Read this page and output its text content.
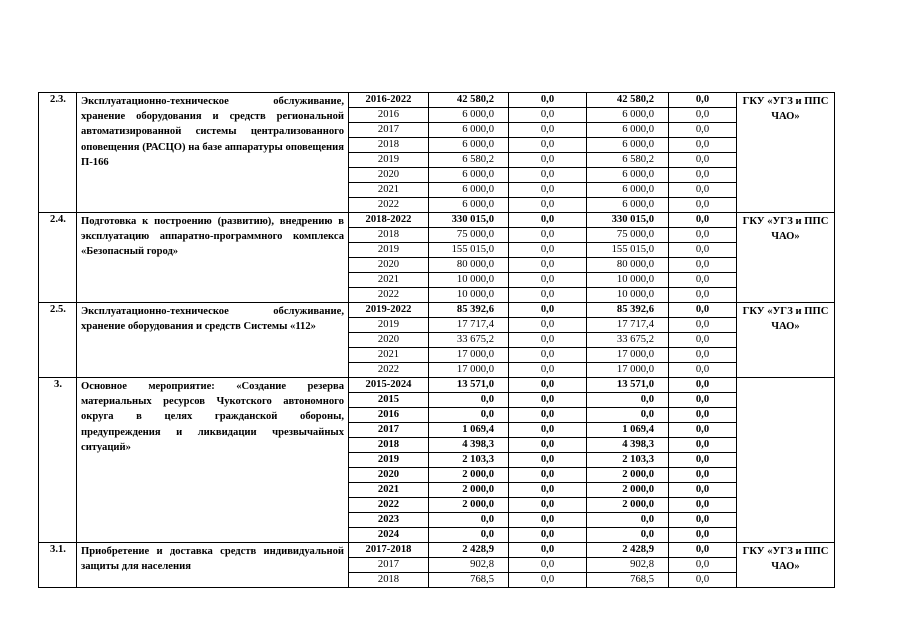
2.3.	Эксплуатационно-техническое обслуживание, хранение оборудования и средств региональной автоматизированной системы централизованного оповещения (РАСЦО) на базе аппаратуры оповещения П-166	2016-2022	42 580,2	0,0	42 580,2	0,0	ГКУ «УГЗ и ППС ЧАО»
		2016	6 000,0	0,0	6 000,0	0,0	
		2017	6 000,0	0,0	6 000,0	0,0	
		2018	6 000,0	0,0	6 000,0	0,0	
		2019	6 580,2	0,0	6 580,2	0,0	
		2020	6 000,0	0,0	6 000,0	0,0	
		2021	6 000,0	0,0	6 000,0	0,0	
		2022	6 000,0	0,0	6 000,0	0,0	
2.4.	Подготовка к построению (развитию), внедрению в эксплуатацию аппаратно-программного комплекса «Безопасный город»	2018-2022	330 015,0	0,0	330 015,0	0,0	ГКУ «УГЗ и ППС ЧАО»
		2018	75 000,0	0,0	75 000,0	0,0	
		2019	155 015,0	0,0	155 015,0	0,0	
		2020	80 000,0	0,0	80 000,0	0,0	
		2021	10 000,0	0,0	10 000,0	0,0	
		2022	10 000,0	0,0	10 000,0	0,0	
2.5.	Эксплуатационно-техническое обслуживание, хранение оборудования и средств Системы «112»	2019-2022	85 392,6	0,0	85 392,6	0,0	ГКУ «УГЗ и ППС ЧАО»
		2019	17 717,4	0,0	17 717,4	0,0	
		2020	33 675,2	0,0	33 675,2	0,0	
		2021	17 000,0	0,0	17 000,0	0,0	
		2022	17 000,0	0,0	17 000,0	0,0	
3.	Основное мероприятие: «Создание резерва материальных ресурсов Чукотского автономного округа в целях гражданской обороны, предупреждения и ликвидации чрезвычайных ситуаций»	2015-2024	13 571,0	0,0	13 571,0	0,0	
		2015	0,0	0,0	0,0	0,0	
		2016	0,0	0,0	0,0	0,0	
		2017	1 069,4	0,0	1 069,4	0,0	
		2018	4 398,3	0,0	4 398,3	0,0	
		2019	2 103,3	0,0	2 103,3	0,0	
		2020	2 000,0	0,0	2 000,0	0,0	
		2021	2 000,0	0,0	2 000,0	0,0	
		2022	2 000,0	0,0	2 000,0	0,0	
		2023	0,0	0,0	0,0	0,0	
		2024	0,0	0,0	0,0	0,0	
3.1.	Приобретение и доставка средств индивидуальной защиты для населения	2017-2018	2 428,9	0,0	2 428,9	0,0	ГКУ «УГЗ и ППС ЧАО»
		2017	902,8	0,0	902,8	0,0	
		2018	768,5	0,0	768,5	0,0	
